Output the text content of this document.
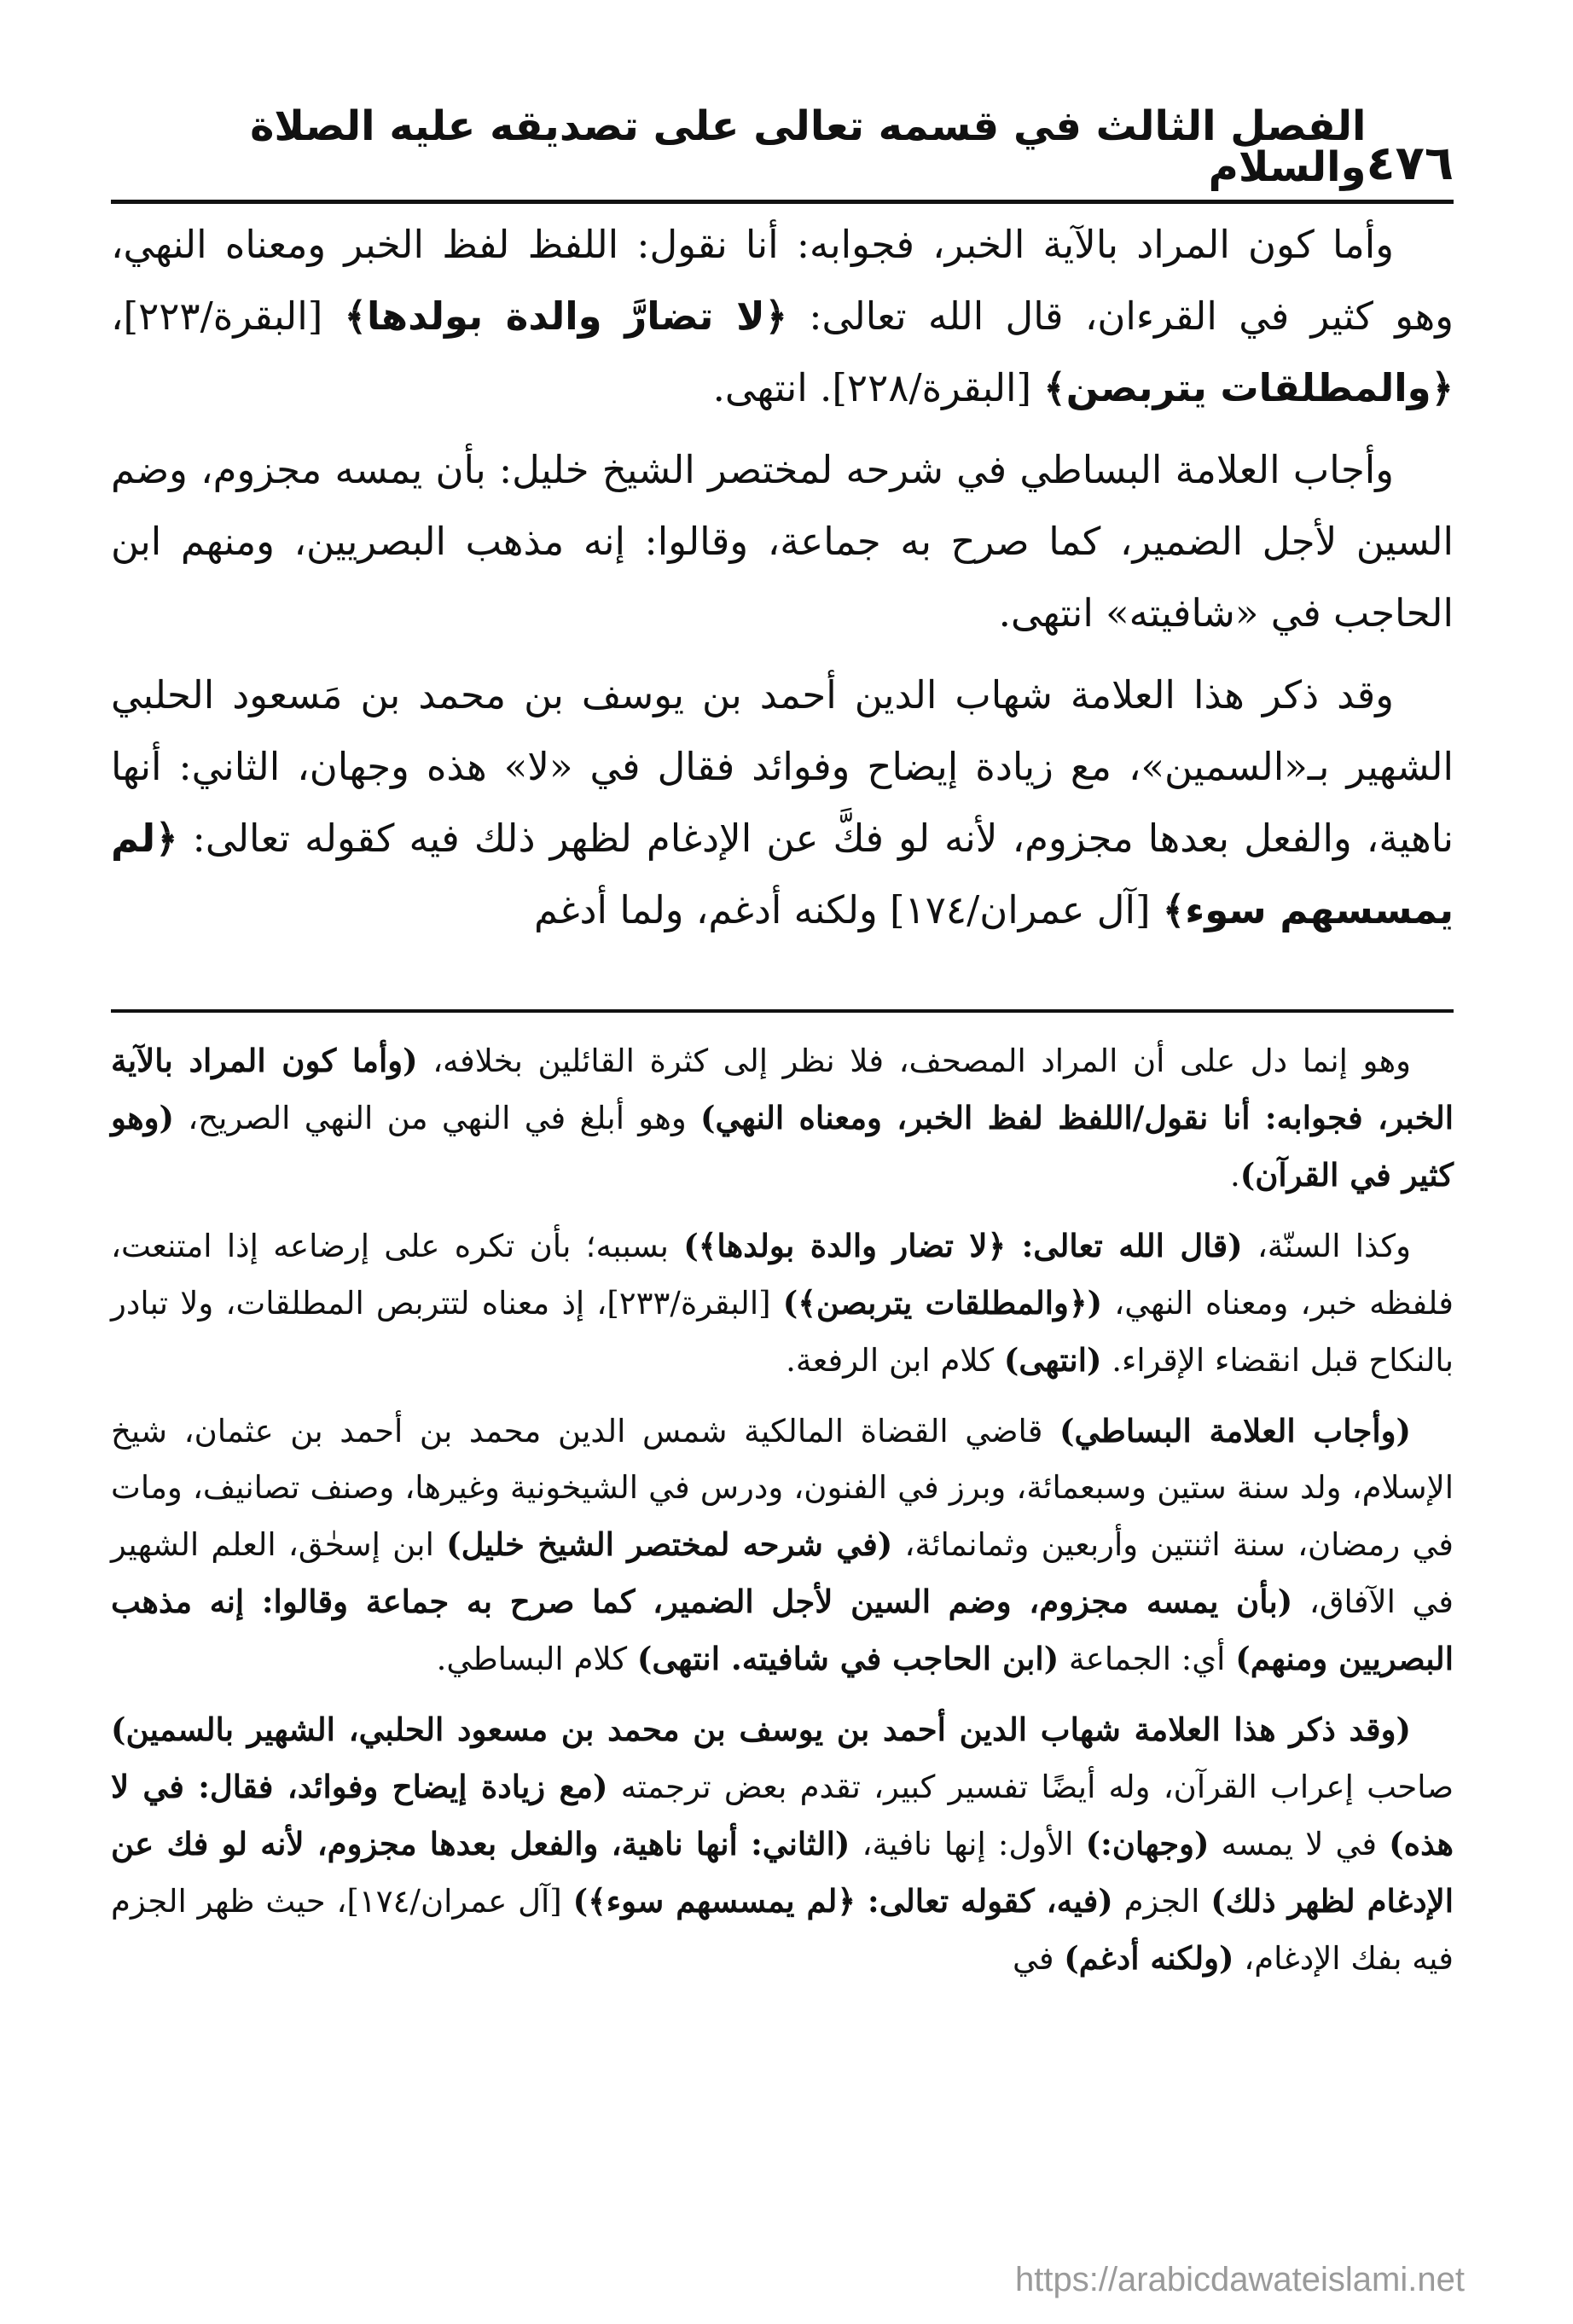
٤٧٦
الفصل الثالث في قسمه تعالى على تصديقه عليه الصلاة والسلام

وأما كون المراد بالآية الخبر، فجوابه: أنا نقول: اللفظ لفظ الخبر ومعناه النهي، وهو كثير في القرءان، قال الله تعالى: ﴿لا تضارَّ والدة بولدها﴾ [البقرة/٢٢٣]، ﴿والمطلقات يتربصن﴾ [البقرة/٢٢٨]. انتهى.

وأجاب العلامة البساطي في شرحه لمختصر الشيخ خليل: بأن يمسه مجزوم، وضم السين لأجل الضمير، كما صرح به جماعة، وقالوا: إنه مذهب البصريين، ومنهم ابن الحاجب في «شافيته» انتهى.

وقد ذكر هذا العلامة شهاب الدين أحمد بن يوسف بن محمد بن مَسعود الحلبي الشهير بـ«السمين»، مع زيادة إيضاح وفوائد فقال في «لا» هذه وجهان، الثاني: أنها ناهية، والفعل بعدها مجزوم، لأنه لو فكَّ عن الإدغام لظهر ذلك فيه كقوله تعالى: ﴿لم يمسسهم سوء﴾ [آل عمران/١٧٤] ولكنه أدغم، ولما أدغم

وهو إنما دل على أن المراد المصحف، فلا نظر إلى كثرة القائلين بخلافه، (وأما كون المراد بالآية الخبر، فجوابه: أنا نقول/اللفظ لفظ الخبر، ومعناه النهي) وهو أبلغ في النهي من النهي الصريح، (وهو كثير في القرآن).

وكذا السنّة، (قال الله تعالى: ﴿لا تضار والدة بولدها﴾) بسببه؛ بأن تكره على إرضاعه إذا امتنعت، فلفظه خبر، ومعناه النهي، (﴿والمطلقات يتربصن﴾) [البقرة/٢٣٣]، إذ معناه لتتربص المطلقات، ولا تبادر بالنكاح قبل انقضاء الإقراء. (انتهى) كلام ابن الرفعة.

(وأجاب العلامة البساطي) قاضي القضاة المالكية شمس الدين محمد بن أحمد بن عثمان، شيخ الإسلام، ولد سنة ستين وسبعمائة، وبرز في الفنون، ودرس في الشيخونية وغيرها، وصنف تصانيف، ومات في رمضان، سنة اثنتين وأربعين وثمانمائة، (في شرحه لمختصر الشيخ خليل) ابن إسحٰق، العلم الشهير في الآفاق، (بأن يمسه مجزوم، وضم السين لأجل الضمير، كما صرح به جماعة وقالوا: إنه مذهب البصريين ومنهم) أي: الجماعة (ابن الحاجب في شافيته. انتهى) كلام البساطي.

(وقد ذكر هذا العلامة شهاب الدين أحمد بن يوسف بن محمد بن مسعود الحلبي، الشهير بالسمين) صاحب إعراب القرآن، وله أيضًا تفسير كبير، تقدم بعض ترجمته (مع زيادة إيضاح وفوائد، فقال: في لا هذه) في لا يمسه (وجهان:) الأول: إنها نافية، (الثاني: أنها ناهية، والفعل بعدها مجزوم، لأنه لو فك عن الإدغام لظهر ذلك) الجزم (فيه، كقوله تعالى: ﴿لم يمسسهم سوء﴾) [آل عمران/١٧٤]، حيث ظهر الجزم فيه بفك الإدغام، (ولكنه أدغم) في

https://arabicdawateislami.net
